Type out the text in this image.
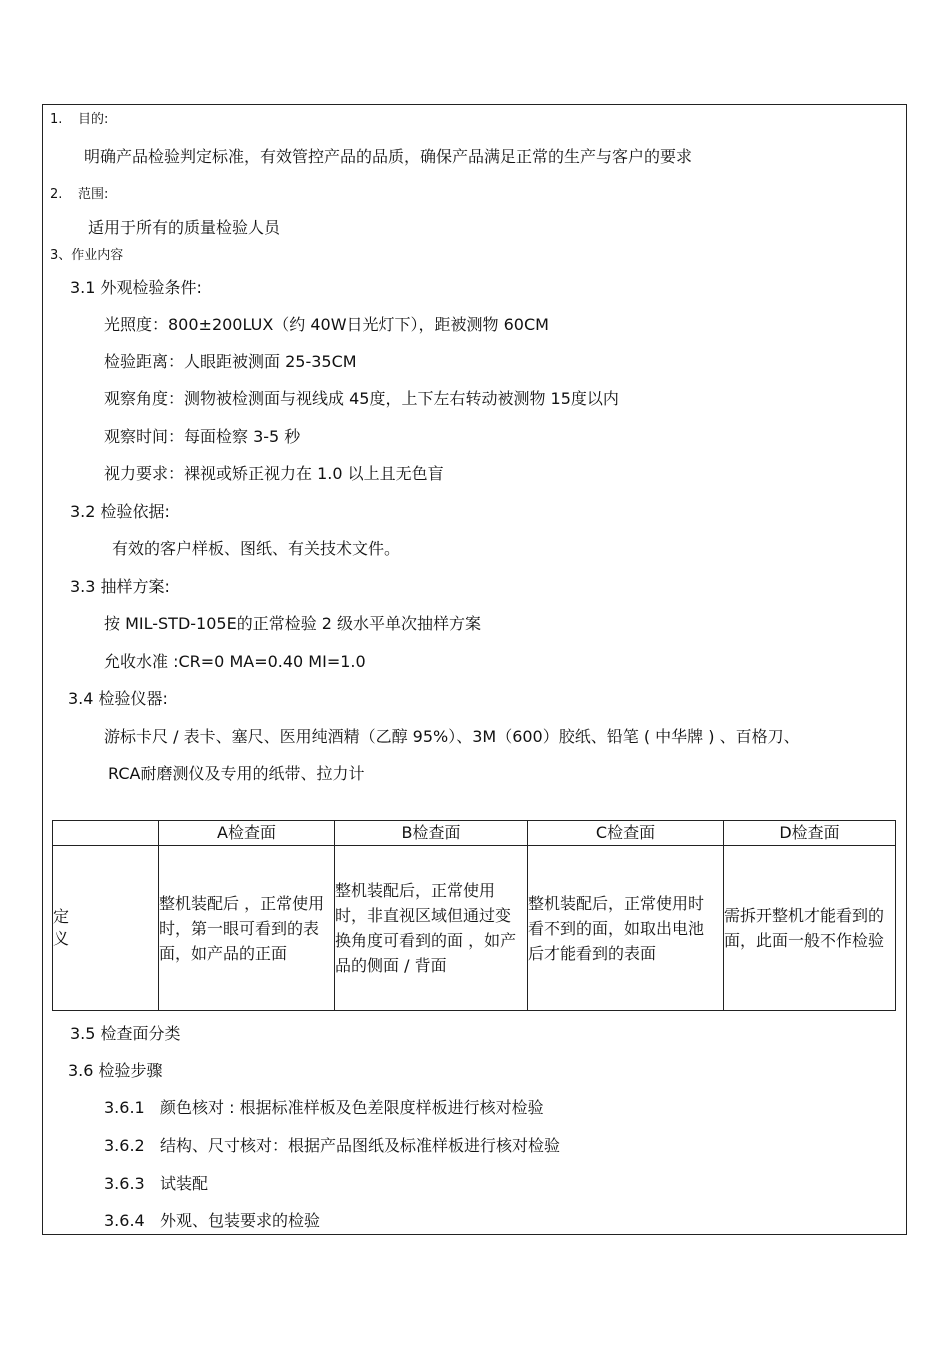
1. 目的:
明确产品检验判定标准，有效管控产品的品质，确保产品满足正常的生产与客户的要求
2. 范围:
适用于所有的质量检验人员
3、作业内容
3.1 外观检验条件:
光照度：800±200LUX（约 40W日光灯下），距被测物 60CM
检验距离：人眼距被测面 25-35CM
观察角度：测物被检测面与视线成 45度，上下左右转动被测物 15度以内
观察时间：每面检察 3-5 秒
视力要求：裸视或矫正视力在 1.0 以上且无色盲
3.2 检验依据:
有效的客户样板、图纸、有关技术文件。
3.3 抽样方案:
按 MIL-STD-105E的正常检验 2 级水平单次抽样方案
允收水准 :CR=0 MA=0.40 MI=1.0
3.4 检验仪器:
游标卡尺 / 表卡、塞尺、医用纯酒精（乙醇 95%）、3M（600）胶纸、铅笔 ( 中华牌 ) 、百格刀、
RCA耐磨测仪及专用的纸带、拉力计
	A检查面	B检查面	C检查面	D检查面

定
义	整机装配后 ，正常使用时，第一眼可看到的表面，如产品的正面	整机装配后，正常使用时，非直视区域但通过变换角度可看到的面 ，如产品的侧面 / 背面	整机装配后，正常使用时看不到的面，如取出电池后才能看到的表面	需拆开整机才能看到的面，此面一般不作检验
3.5 检查面分类
3.6 检验步骤
3.6.1 颜色核对 : 根据标准样板及色差限度样板进行核对检验
3.6.2 结构、尺寸核对：根据产品图纸及标准样板进行核对检验
3.6.3 试装配
3.6.4 外观、包装要求的检验
